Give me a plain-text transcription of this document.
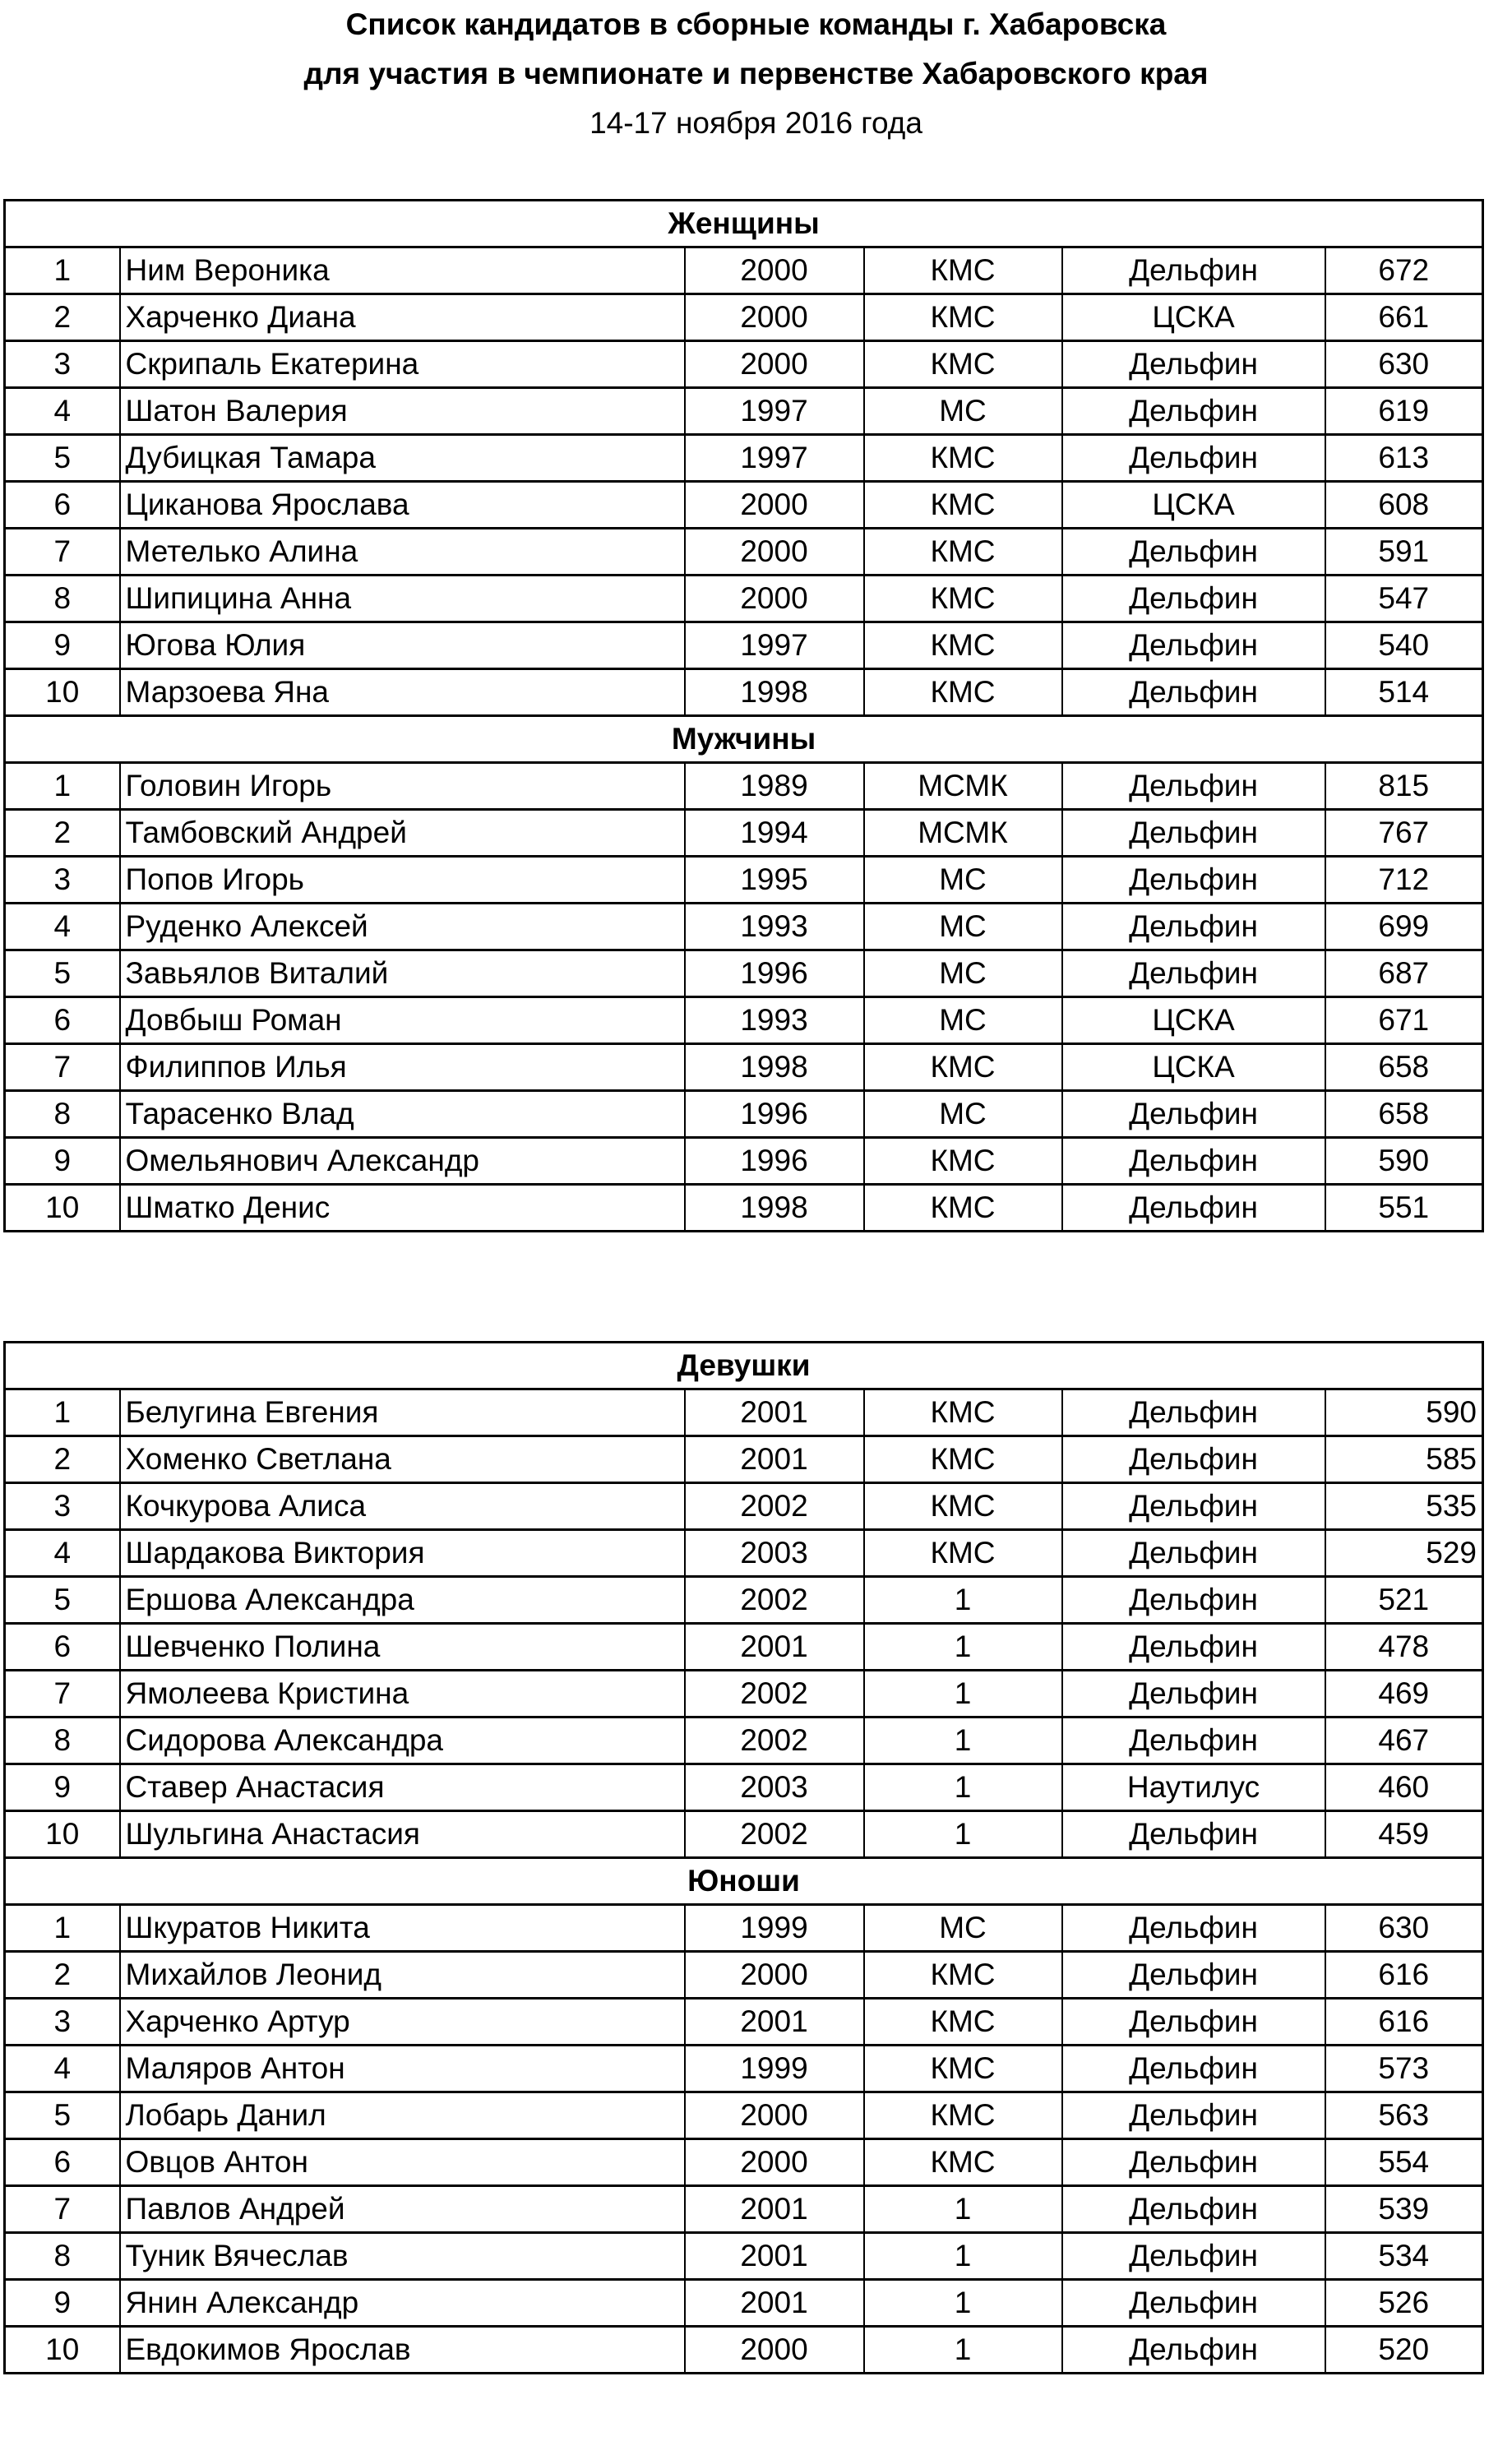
Список кандидатов в сборные команды г. Хабаровска
для участия в чемпионате и первенстве Хабаровского края
14-17 ноября 2016 года
Женщины					
1	Ним Вероника	2000	КМС	Дельфин	672
2	Харченко Диана	2000	КМС	ЦСКА	661
3	Скрипаль Екатерина	2000	КМС	Дельфин	630
4	Шатон Валерия	1997	МС	Дельфин	619
5	Дубицкая Тамара	1997	КМС	Дельфин	613
6	Циканова Ярослава	2000	КМС	ЦСКА	608
7	Метелько Алина	2000	КМС	Дельфин	591
8	Шипицина Анна	2000	КМС	Дельфин	547
9	Югова Юлия	1997	КМС	Дельфин	540
10	Марзоева Яна	1998	КМС	Дельфин	514
Мужчины					
1	Головин Игорь	1989	МСМК	Дельфин	815
2	Тамбовский Андрей	1994	МСМК	Дельфин	767
3	Попов Игорь	1995	МС	Дельфин	712
4	Руденко Алексей	1993	МС	Дельфин	699
5	Завьялов Виталий	1996	МС	Дельфин	687
6	Довбыш Роман	1993	МС	ЦСКА	671
7	Филиппов Илья	1998	КМС	ЦСКА	658
8	Тарасенко Влад	1996	МС	Дельфин	658
9	Омельянович Александр	1996	КМС	Дельфин	590
10	Шматко Денис	1998	КМС	Дельфин	551
Девушки					
1	Белугина Евгения	2001	КМС	Дельфин	590
2	Хоменко Светлана	2001	КМС	Дельфин	585
3	Кочкурова Алиса	2002	КМС	Дельфин	535
4	Шардакова Виктория	2003	КМС	Дельфин	529
5	Ершова Александра	2002	1	Дельфин	521
6	Шевченко Полина	2001	1	Дельфин	478
7	Ямолеева Кристина	2002	1	Дельфин	469
8	Сидорова Александра	2002	1	Дельфин	467
9	Ставер Анастасия	2003	1	Наутилус	460
10	Шульгина Анастасия	2002	1	Дельфин	459
Юноши					
1	Шкуратов Никита	1999	МС	Дельфин	630
2	Михайлов Леонид	2000	КМС	Дельфин	616
3	Харченко Артур	2001	КМС	Дельфин	616
4	Маляров Антон	1999	КМС	Дельфин	573
5	Лобарь Данил	2000	КМС	Дельфин	563
6	Овцов Антон	2000	КМС	Дельфин	554
7	Павлов Андрей	2001	1	Дельфин	539
8	Туник Вячеслав	2001	1	Дельфин	534
9	Янин Александр	2001	1	Дельфин	526
10	Евдокимов Ярослав	2000	1	Дельфин	520
